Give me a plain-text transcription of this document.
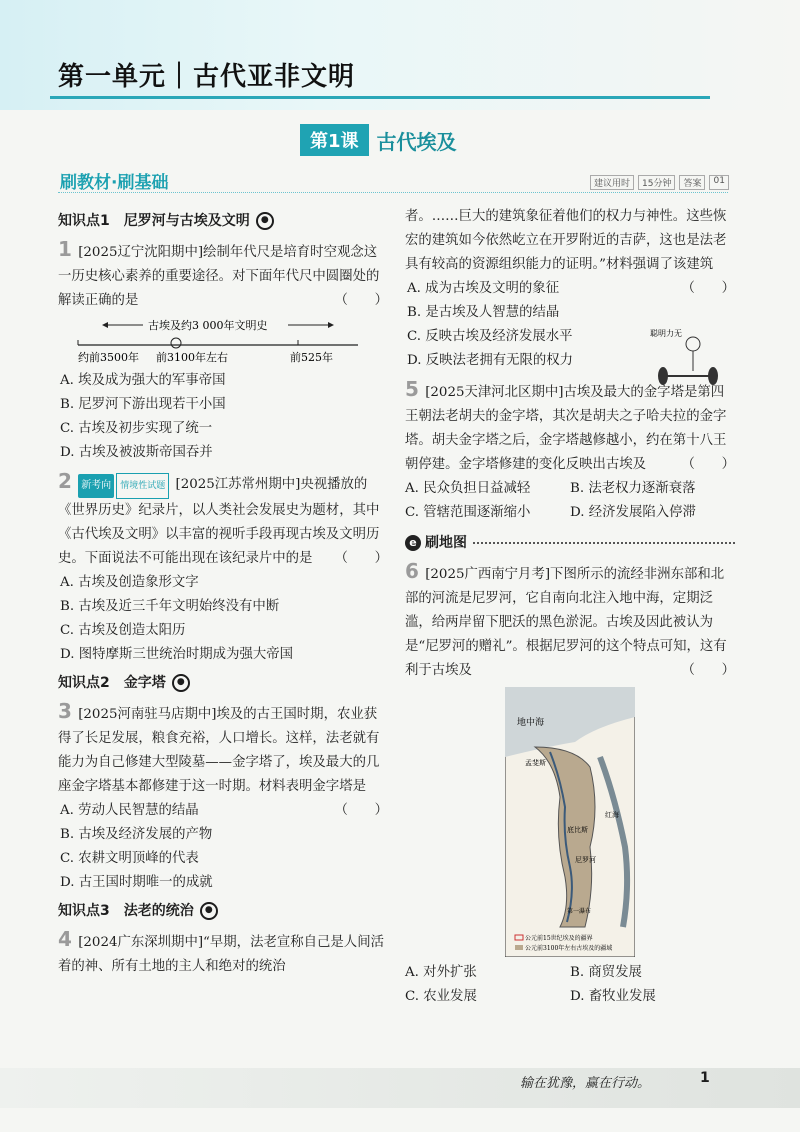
第一单元｜古代亚非文明
第1课 古代埃及
刷教材·刷基础	建议用时	15分钟	答案	01
知识点1　尼罗河与古埃及文明	●
1 [2025辽宁沈阳期中]绘制年代尺是培育时空观念这一历史核心素养的重要途径。对下面年代尺中圆圈处的解读正确的是	（　　）
古埃及约3 000年文明史
约前3500年 前3100年左右	前525年
A. 埃及成为强大的军事帝国
B. 尼罗河下游出现若干小国
C. 古埃及初步实现了统一
D. 古埃及被波斯帝国吞并
2 新考向 情境性试题 [2025江苏常州期中]央视播放的《世界历史》纪录片，以人类社会发展史为题材，其中《古代埃及文明》以丰富的视听手段再现古埃及文明历史。下面说法不可能出现在该纪录片中的是 （　　）
A. 古埃及创造象形文字
B. 古埃及近三千年文明始终没有中断
C. 古埃及创造太阳历
D. 图特摩斯三世统治时期成为强大帝国
知识点2　金字塔	●
3 [2025河南驻马店期中]埃及的古王国时期，农业获得了长足发展，粮食充裕，人口增长。这样，法老就有能力为自己修建大型陵墓——金字塔了，埃及最大的几座金字塔基本都修建于这一时期。材料表明金字塔是
（　　）
A. 劳动人民智慧的结晶
B. 古埃及经济发展的产物
C. 农耕文明顶峰的代表
D. 古王国时期唯一的成就
知识点3　法老的统治	●
4 [2024广东深圳期中]“早期，法老宣称自己是人间活着的神、所有土地的主人和绝对的统治
者。……巨大的建筑象征着他们的权力与神性。这些恢宏的建筑如今依然屹立在开罗附近的吉萨，这也是法老具有较高的资源组织能力的证明。”材料强调了该建筑
（　　）
A. 成为古埃及文明的象征
B. 是古埃及人智慧的结晶
C. 反映古埃及经济发展水平
D. 反映法老拥有无限的权力
5 [2025天津河北区期中]古埃及最大的金字塔是第四王朝法老胡夫的金字塔，其次是胡夫之子哈夫拉的金字塔。胡夫金字塔之后，金字塔越修越小，约在第十八王朝停建。金字塔修建的变化反映出古埃及	（　　）
A. 民众负担日益减轻	B. 法老权力逐渐衰落
C. 管辖范围逐渐缩小	D. 经济发展陷入停滞
e 刷地图
6 [2025广西南宁月考]下图所示的流经非洲东部和北部的河流是尼罗河，它自南向北注入地中海，定期泛滥，给两岸留下肥沃的黑色淤泥。古埃及因此被认为是“尼罗河的赠礼”。根据尼罗河的这个特点可知，这有利于古埃及	（　　）
地中海
孟斐斯
底比斯
尼罗河
第一瀑布
红海
公元前15世纪埃及的疆界
公元前3100年左右古埃及的疆域
A. 对外扩张	B. 商贸发展
C. 农业发展	D. 畜牧业发展
聪明力无
输在犹豫，赢在行动。	1
